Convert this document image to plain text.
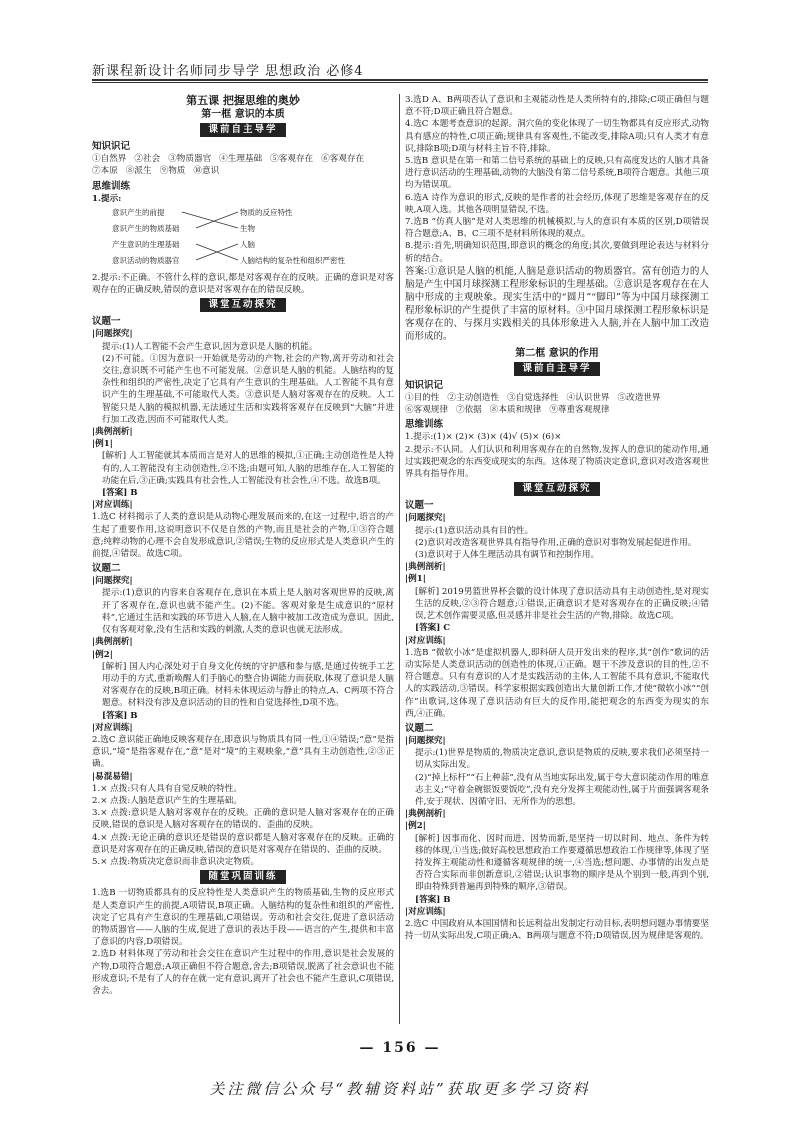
新课程新设计名师同步导学 思想政治 必修4
第五课 把握思维的奥妙
第一框 意识的本质
课前自主导学
知识识记
①自然界 ②社会 ③物质器官 ④生理基础 ⑤客观存在 ⑥客观存在
⑦本原 ⑧派生 ⑨物质 ⑩意识
思维训练

1.提示:

意识产生的前提
意识产生的物质基础
产生意识的生理基础
意识活动的物质器官
物质的反应特性
生物
人脑
人脑结构的复杂性和组织严密性

2.提示:不正确。不管什么样的意识,都是对客观存在的反映。正确的意识是对客观存在的正确反映,错误的意识是对客观存在的错误反映。

课堂互动探究
议题一
|问题探究|

提示:(1)人工智能不会产生意识,因为意识是人脑的机能。

(2)不可能。①因为意识一开始就是劳动的产物,社会的产物,离开劳动和社会交往,意识既不可能产生也不可能发展。②意识是人脑的机能。人脑结构的复杂性和组织的严密性,决定了它具有产生意识的生理基础。人工智能不具有意识产生的生理基础,不可能取代人类。③意识是人脑对客观存在的反映。人工智能只是人脑的模拟机器,无法通过生活和实践将客观存在反映到“大脑”并进行加工改造,因而不可能取代人类。

|典例剖析|
|例1|

[解析] 人工智能就其本质而言是对人的思维的模拟,①正确;主动创造性是人特有的,人工智能没有主动创造性,②不选;由题可知,人脑的思维存在,人工智能的功能在后,③正确;实践具有社会性,人工智能没有社会性,④不选。故选B项。

[答案] B

|对应训练|

1.选C 材料揭示了人类的意识是从动物心理发展而来的,在这一过程中,语言的产生起了重要作用,这说明意识不仅是自然的产物,而且是社会的产物,①③符合题意;纯粹动物的心理不会自发形成意识,②错误;生物的反应形式是人类意识产生的前提,④错误。故选C项。

议题二
|问题探究|

提示:(1)意识的内容来自客观存在,意识在本质上是人脑对客观世界的反映,离开了客观存在,意识也就不能产生。(2)不能。客观对象是生成意识的“原材料”,它通过生活和实践的环节进入人脑,在人脑中被加工改造成为意识。因此,仅有客观对象,没有生活和实践的刺激,人类的意识也就无法形成。

|典例剖析|
|例2|

[解析] 国人内心深处对于自身文化传统的守护感和参与感,是通过传统手工艺用动手的方式,重新唤醒人们手脑心的整合协调能力而获取,体现了意识是人脑对客观存在的反映,B项正确。材料未体现运动与静止的特点,A、C两项不符合题意。材料没有涉及意识活动的目的性和自觉选择性,D项不选。

[答案] B

|对应训练|

2.选C 意识能正确地反映客观存在,即意识与物质具有同一性,①④错误;“意”是指意识,“境”是指客观存在,“意”是对“境”的主观映象,“意”具有主动创造性,②③正确。

|易混易错|

1.× 点拨:只有人具有自觉反映的特性。

2.× 点拨:人脑是意识产生的生理基础。

3.× 点拨:意识是人脑对客观存在的反映。正确的意识是人脑对客观存在的正确反映,错误的意识是人脑对客观存在的错误的、歪曲的反映。

4.× 点拨:无论正确的意识还是错误的意识都是人脑对客观存在的反映。正确的意识是对客观存在的正确反映,错误的意识是对客观存在错误的、歪曲的反映。

5.× 点拨:物质决定意识而非意识决定物质。

随堂巩固训练

1.选B 一切物质都具有的反应特性是人类意识产生的物质基础,生物的反应形式是人类意识产生的前提,A项错误,B项正确。人脑结构的复杂性和组织的严密性,决定了它具有产生意识的生理基础,C项错误。劳动和社会交往,促进了意识活动的物质器官——人脑的生成,促进了意识的表达手段——语言的产生,提供和丰富了意识的内容,D项错误。

2.选D 材料体现了劳动和社会交往在意识产生过程中的作用,意识是社会发展的产物,D项符合题意;A项正确但不符合题意,舍去;B项错误,脱离了社会意识也不能形成意识;不是有了人的存在就一定有意识,离开了社会也不能产生意识,C项错误,舍去。

3.选D A、B两项否认了意识和主观能动性是人类所特有的,排除;C项正确但与题意不符;D项正确且符合题意。

4.选C 本题考查意识的起源。洞穴鱼的变化体现了一切生物都具有反应形式,动物具有感应的特性,C项正确;规律具有客观性,不能改变,排除A项;只有人类才有意识,排除B项;D项与材料主旨不符,排除。

5.选B 意识是在第一和第二信号系统的基础上的反映,只有高度发达的人脑才具备进行意识活动的生理基础,动物的大脑没有第二信号系统,B项符合题意。其他三项均为错误项。

6.选A 诗作为意识的形式,反映的是作者的社会经历,体现了思维是客观存在的反映,A项入选。其他各项明显错误,不选。

7.选B “仿真人脑”是对人类思维的机械模拟,与人的意识有本质的区别,D项错误符合题意;A、B、C三项不是材料所体现的观点。

8.提示:首先,明确知识范围,即意识的概念的角度;其次,要做到理论表达与材料分析的结合。

答案:①意识是人脑的机能,人脑是意识活动的物质器官。富有创造力的人脑是产生中国月球探测工程形象标识的生理基础。②意识是客观存在在人脑中形成的主观映象。现实生活中的“圆月”“脚印”等为中国月球探测工程形象标识的产生提供了丰富的原材料。③中国月球探测工程形象标识是客观存在的、与探月实践相关的具体形象进入人脑,并在人脑中加工改造而形成的。

第二框 意识的作用
课前自主导学
知识识记
①目的性 ②主动创造性 ③自觉选择性 ④认识世界 ⑤改造世界
⑥客观规律 ⑦依据 ⑧本质和规律 ⑨尊重客观规律
思维训练

1.提示:(1)× (2)× (3)× (4)√ (5)× (6)×

2.提示:不认同。人们认识和利用客观存在的自然物,发挥人的意识的能动作用,通过实践把观念的东西变成现实的东西。这体现了物质决定意识,意识对改造客观世界具有指导作用。

课堂互动探究
议题一
|问题探究|

提示:(1)意识活动具有目的性。

(2)意识对改造客观世界具有指导作用,正确的意识对事物发展起促进作用。

(3)意识对于人体生理活动具有调节和控制作用。

|典例剖析|
|例1|

[解析] 2019男篮世界杯会徽的设计体现了意识活动具有主动创造性,是对现实生活的反映,②③符合题意;①错误,正确意识才是对客观存在的正确反映;④错误,艺术创作需要灵感,但灵感并非是社会生活的产物,排除。故选C项。

[答案] C

|对应训练|

1.选B “微软小冰”是虚拟机器人,即科研人员开发出来的程序,其“创作”歌词的活动实际是人类意识活动的创造性的体现,①正确。题干不涉及意识的目的性,②不符合题意。只有有意识的人才是实践活动的主体,人工智能不具有意识,不能取代人的实践活动,③错误。科学家根据实践创造出大量创新工作,才使“微软小冰”“创作”出歌词,这体现了意识活动有巨大的反作用,能把观念的东西变为现实的东西,④正确。

议题二
|问题探究|

提示:(1)世界是物质的,物质决定意识,意识是物质的反映,要求我们必须坚持一切从实际出发。

(2)“掉上标杆”“石上种蒜”,没有从当地实际出发,属于夸大意识能动作用的唯意志主义;“守着金碗银饭要饭吃”,没有充分发挥主观能动性,属于片面强调客观条件,安于现状、因循守旧、无所作为的思想。

|典例剖析|
|例2|

[解析] 因事而化、因时而进、因势而新,是坚持一切以时间、地点、条件为转移的体现,①当选;做好高校思想政治工作要遵循思想政治工作规律等,体现了坚持发挥主观能动性和遵循客观规律的统一,④当选;想问题、办事情的出发点是否符合实际而非创新意识,②错误;认识事物的顺序是从个别到一般,再到个别,即由特殊到普遍再到特殊的顺序,③错误。

[答案] B

|对应训练|

2.选C 中国政府从本国国情和长远利益出发制定行动目标,表明想问题办事情要坚持一切从实际出发,C项正确;A、B两项与题意不符;D项错误,因为规律是客观的。

— 156 —
关注微信公众号“教辅资料站”获取更多学习资料
